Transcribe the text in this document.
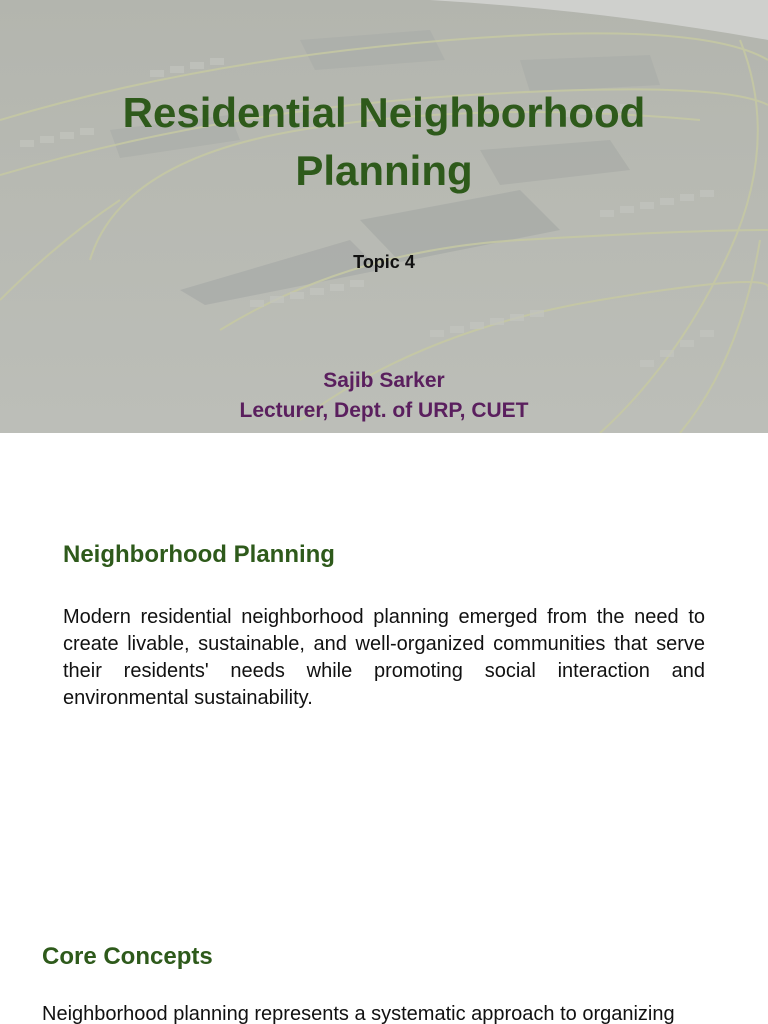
Residential Neighborhood
Planning

Topic 4

Sajib Sarker
Lecturer, Dept. of URP, CUET

Neighborhood Planning

Modern residential neighborhood planning emerged from the need to create livable, sustainable, and well-organized communities that serve their residents' needs while promoting social interaction and environmental sustainability.

Core Concepts

Neighborhood planning represents a systematic approach to organizing
